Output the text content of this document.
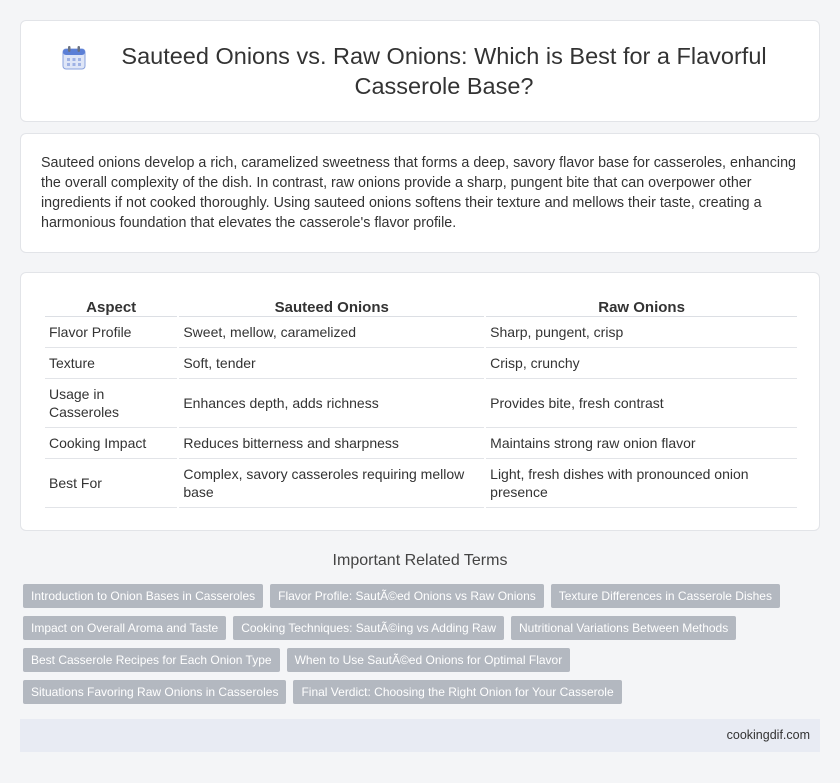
Sauteed Onions vs. Raw Onions: Which is Best for a Flavorful Casserole Base?

Sauteed onions develop a rich, caramelized sweetness that forms a deep, savory flavor base for casseroles, enhancing the overall complexity of the dish. In contrast, raw onions provide a sharp, pungent bite that can overpower other ingredients if not cooked thoroughly. Using sauteed onions softens their texture and mellows their taste, creating a harmonious foundation that elevates the casserole's flavor profile.

Aspect	Sauteed Onions	Raw Onions
Flavor Profile	Sweet, mellow, caramelized	Sharp, pungent, crisp
Texture	Soft, tender	Crisp, crunchy
Usage in Casseroles	Enhances depth, adds richness	Provides bite, fresh contrast
Cooking Impact	Reduces bitterness and sharpness	Maintains strong raw onion flavor
Best For	Complex, savory casseroles requiring mellow base	Light, fresh dishes with pronounced onion presence
Important Related Terms
Introduction to Onion Bases in Casseroles	Flavor Profile: SautÃ©ed Onions vs Raw Onions	Texture Differences in Casserole Dishes
Impact on Overall Aroma and Taste	Cooking Techniques: SautÃ©ing vs Adding Raw	Nutritional Variations Between Methods
Best Casserole Recipes for Each Onion Type	When to Use SautÃ©ed Onions for Optimal Flavor
Situations Favoring Raw Onions in Casseroles	Final Verdict: Choosing the Right Onion for Your Casserole
cookingdif.com
